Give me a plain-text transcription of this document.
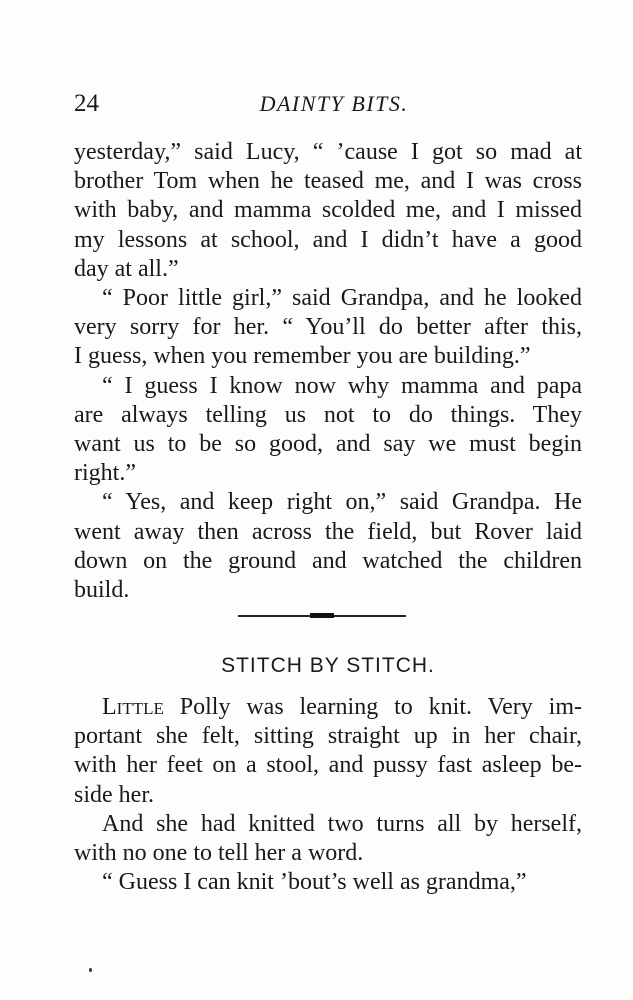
24	DAINTY BITS.

yesterday,” said Lucy, “ ’cause I got so mad at

brother Tom when he teased me, and I was cross

with baby, and mamma scolded me, and I missed

my lessons at school, and I didn’t have a good

day at all.”

“ Poor little girl,” said Grandpa, and he looked

very sorry for her. “ You’ll do better after this,

I guess, when you remember you are building.”

“ I guess I know now why mamma and papa

are always telling us not to do things. They

want us to be so good, and say we must begin

right.”

“ Yes, and keep right on,” said Grandpa. He

went away then across the field, but Rover laid

down on the ground and watched the children

build.

STITCH BY STITCH.

Little Polly was learning to knit. Very im-

portant she felt, sitting straight up in her chair,

with her feet on a stool, and pussy fast asleep be-

side her.

And she had knitted two turns all by herself,

with no one to tell her a word.

“ Guess I can knit ’bout’s well as grandma,”
